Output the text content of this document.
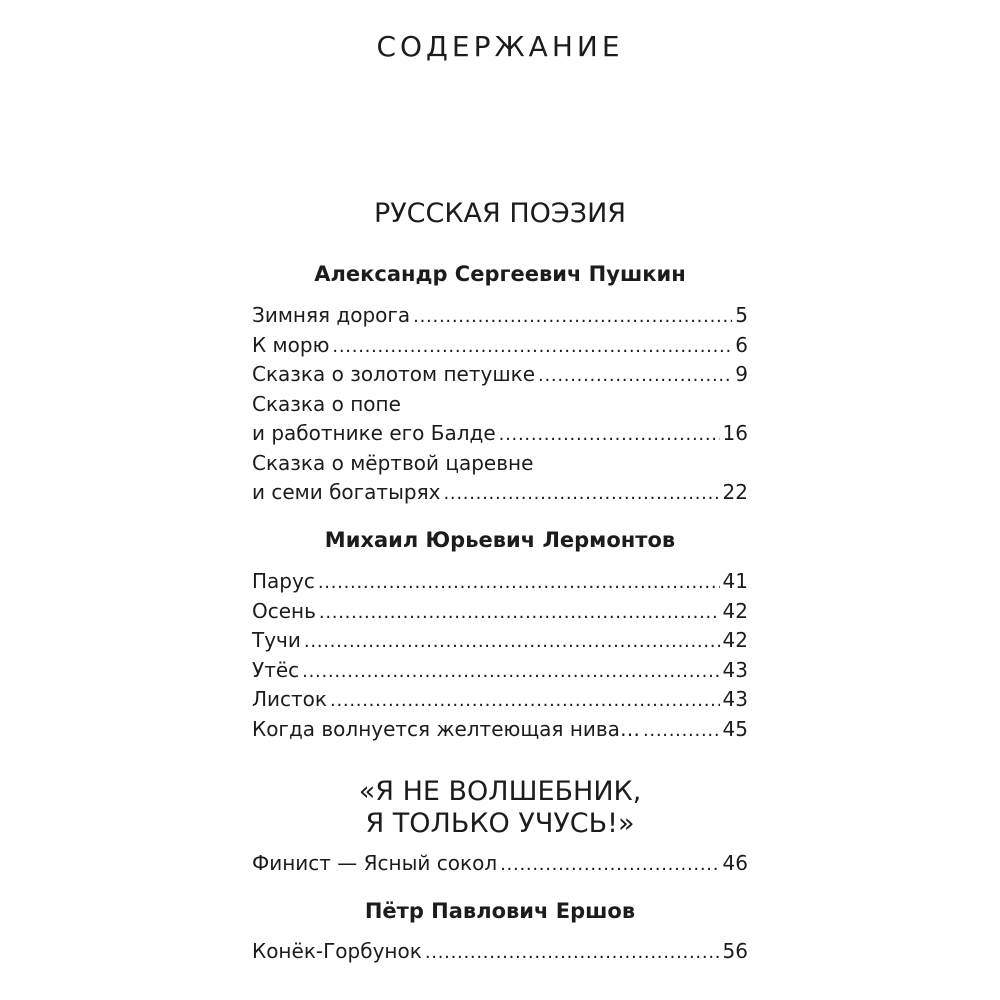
СОДЕРЖАНИЕ
РУССКАЯ ПОЭЗИЯ
Александр Сергеевич Пушкин
Зимняя дорога . . .	5
К морю . . .	6
Сказка о золотом петушке . . .	9
Сказка о попе
и работнике его Балде . . .	16
Сказка о мёртвой царевне
и семи богатырях . . .	22
Михаил Юрьевич Лермонтов
Парус . . .	41
Осень . . .	42
Тучи . . .	42
Утёс . . .	43
Листок . . .	43
Когда волнуется желтеющая нива… . . .	45
«Я НЕ ВОЛШЕБНИК,
Я ТОЛЬКО УЧУСЬ!»
Финист — Ясный сокол . . .	46
Пётр Павлович Ершов
Конёк-Горбунок . . .	56
